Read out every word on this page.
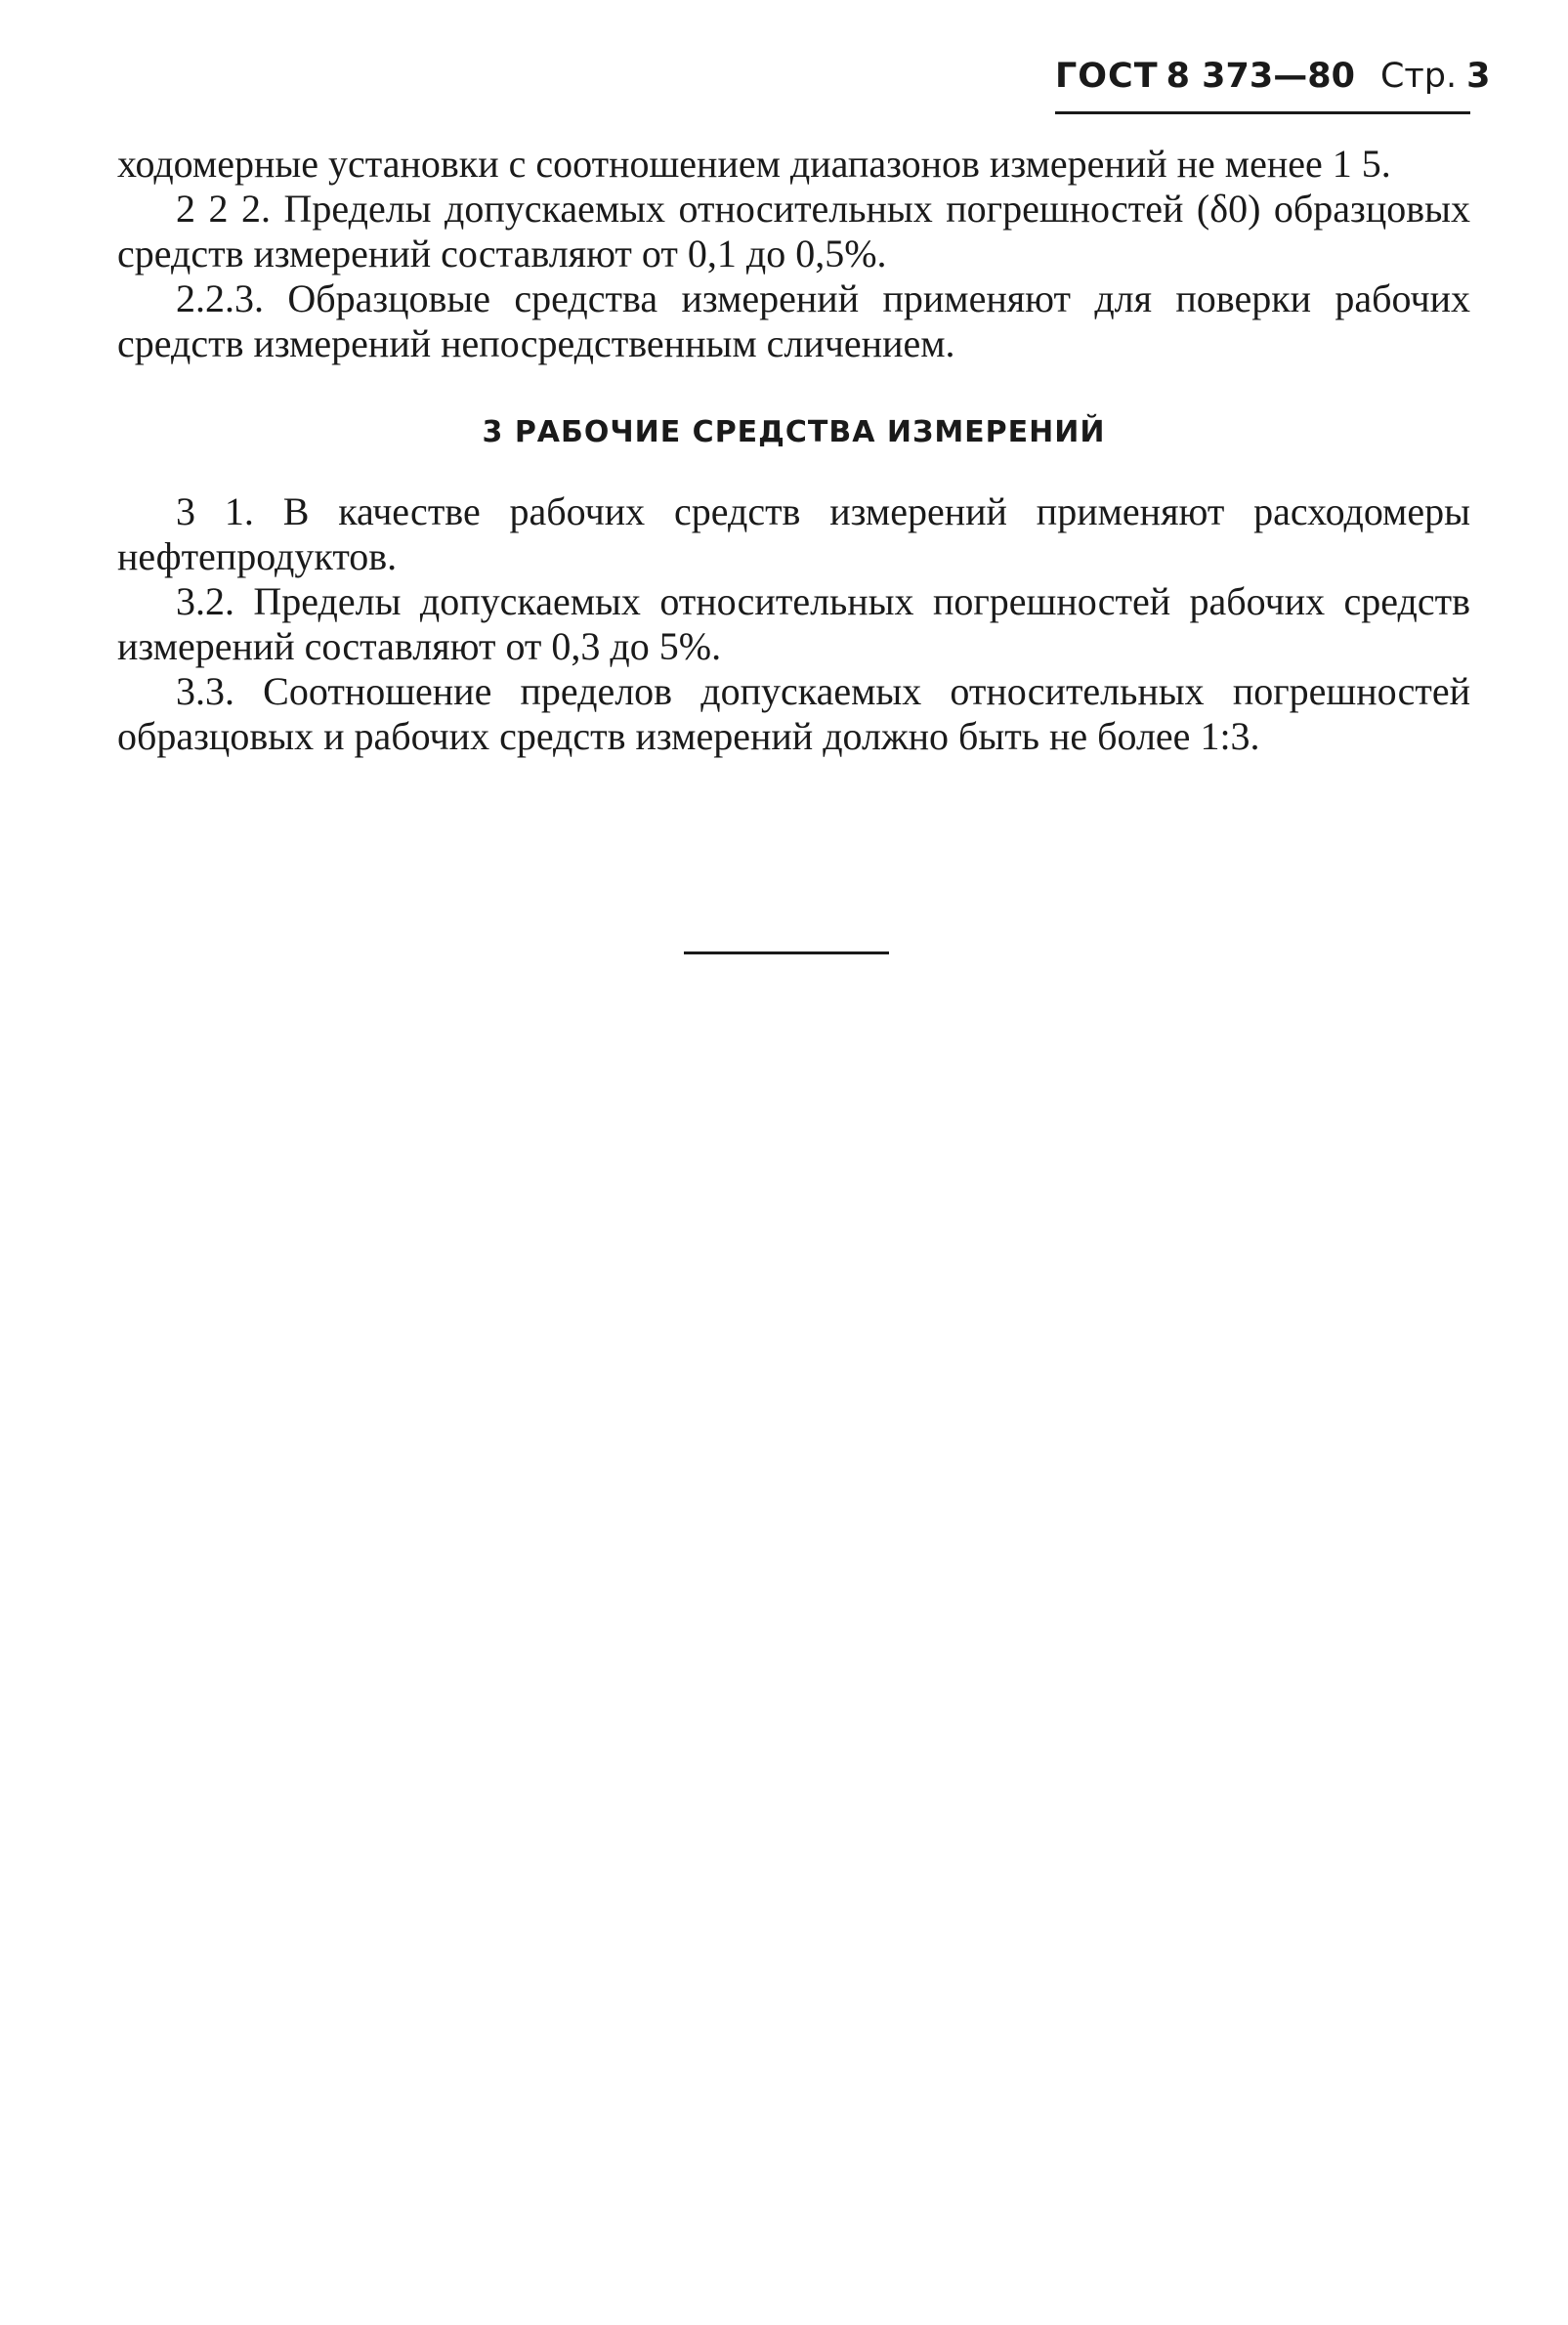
ГОСТ 8 373—80 Стр. 3

ходомерные установки с соотношением диапазонов измерений не менее 1 5.

2 2 2. Пределы допускаемых относительных погрешностей (δ0) образцовых средств измерений составляют от 0,1 до 0,5%.

2.2.3. Образцовые средства измерений применяют для поверки рабочих средств измерений непосредственным сличением.

3 РАБОЧИЕ СРЕДСТВА ИЗМЕРЕНИЙ

3 1. В качестве рабочих средств измерений применяют расходомеры нефтепродуктов.

3.2. Пределы допускаемых относительных погрешностей рабочих средств измерений составляют от 0,3 до 5%.

3.3. Соотношение пределов допускаемых относительных погрешностей образцовых и рабочих средств измерений должно быть не более 1:3.
